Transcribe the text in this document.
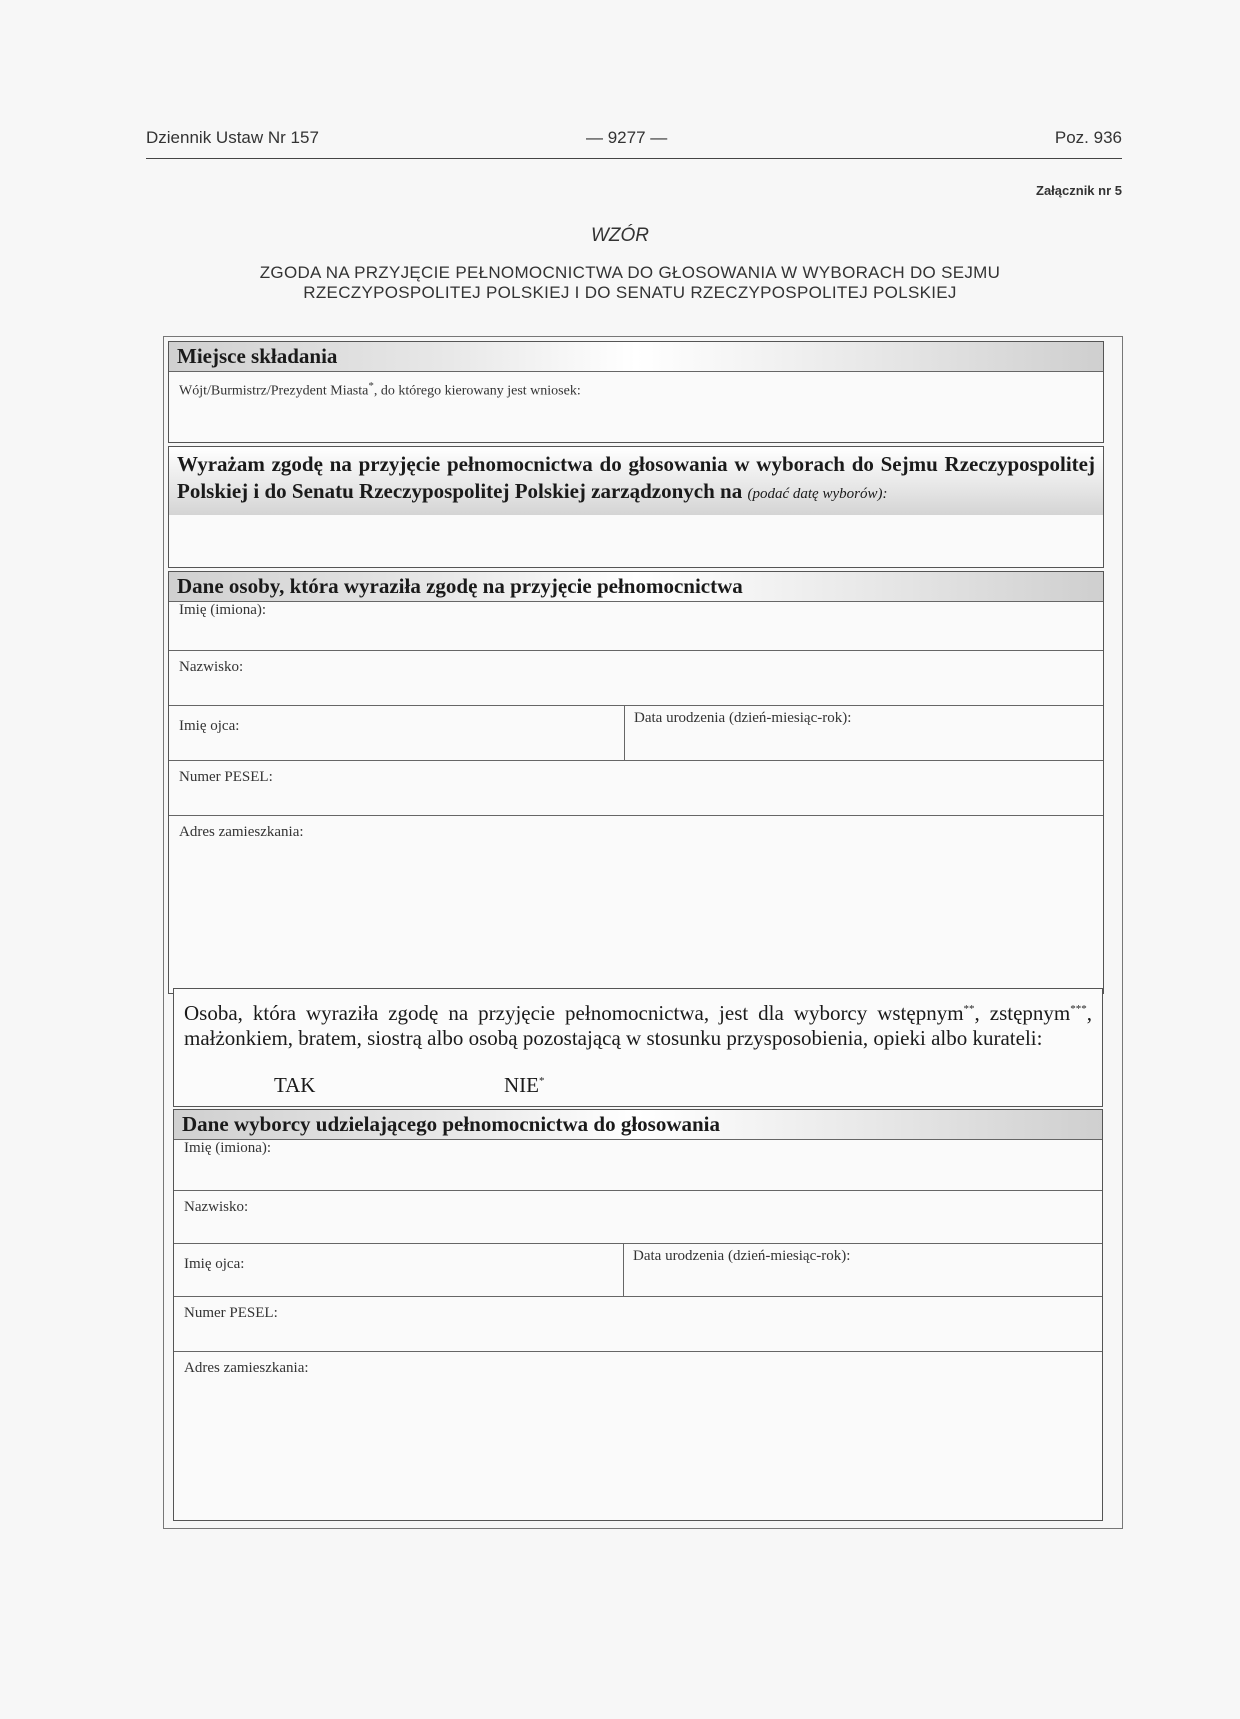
Dziennik Ustaw Nr 157	— 9277 —	Poz. 936
Załącznik nr 5
WZÓR
ZGODA NA PRZYJĘCIE PEŁNOMOCNICTWA DO GŁOSOWANIA W WYBORACH DO SEJMU
RZECZYPOSPOLITEJ POLSKIEJ I DO SENATU RZECZYPOSPOLITEJ POLSKIEJ
Miejsce składania
Wójt/Burmistrz/Prezydent Miasta*, do którego kierowany jest wniosek:
Wyrażam zgodę na przyjęcie pełnomocnictwa do głosowania w wyborach do Sejmu Rzeczypospolitej Polskiej i do Senatu Rzeczypospolitej Polskiej zarządzonych na (podać datę wyborów):
Dane osoby, która wyraziła zgodę na przyjęcie pełnomocnictwa
Imię (imiona):
Nazwisko:
Imię ojca:	Data urodzenia (dzień-miesiąc-rok):
Numer PESEL:
Adres zamieszkania:
Osoba, która wyraziła zgodę na przyjęcie pełnomocnictwa, jest dla wyborcy wstępnym**, zstępnym***, małżonkiem, bratem, siostrą albo osobą pozostającą w stosunku przysposobienia, opieki albo kurateli:
TAK	NIE*
Dane wyborcy udzielającego pełnomocnictwa do głosowania
Imię (imiona):
Nazwisko:
Imię ojca:	Data urodzenia (dzień-miesiąc-rok):
Numer PESEL:
Adres zamieszkania:
